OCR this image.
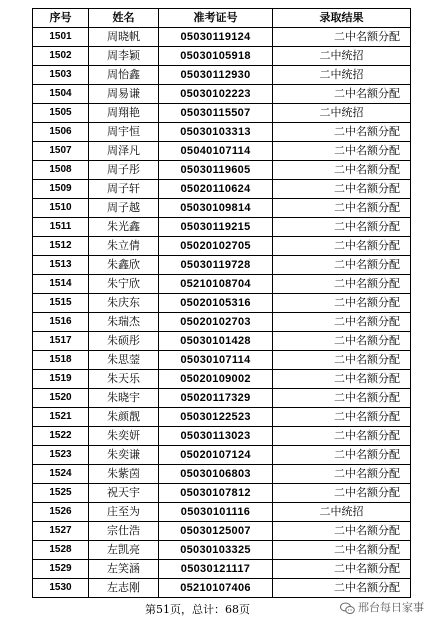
序号	姓名	准考证号	录取结果
1501	周晓帆	05030119124	二中名额分配
1502	周李颖	05030105918	二中统招
1503	周怡鑫	05030112930	二中统招
1504	周易谦	05030102223	二中名额分配
1505	周翔艳	05030115507	二中统招
1506	周宇恒	05030103313	二中名额分配
1507	周泽凡	05040107114	二中名额分配
1508	周子彤	05030119605	二中名额分配
1509	周子轩	05020110624	二中名额分配
1510	周子越	05030109814	二中名额分配
1511	朱光鑫	05030119215	二中名额分配
1512	朱立倩	05020102705	二中名额分配
1513	朱鑫欣	05030119728	二中名额分配
1514	朱宁欣	05210108704	二中名额分配
1515	朱庆东	05020105316	二中名额分配
1516	朱瑞杰	05020102703	二中名额分配
1517	朱硕彤	05030101428	二中名额分配
1518	朱思蓥	05030107114	二中名额分配
1519	朱天乐	05020109002	二中名额分配
1520	朱晓宇	05020117329	二中名额分配
1521	朱颜靓	05030122523	二中名额分配
1522	朱奕妍	05030113023	二中名额分配
1523	朱奕谦	05020107124	二中名额分配
1524	朱紫茵	05030106803	二中名额分配
1525	祝天宇	05030107812	二中名额分配
1526	庄至为	05030101116	二中统招
1527	宗仕浩	05030125007	二中名额分配
1528	左凯亮	05030103325	二中名额分配
1529	左笑涵	05030121117	二中名额分配
1530	左志刚	05210107406	二中名额分配
第51页，总计：68页	邢台每日家事
